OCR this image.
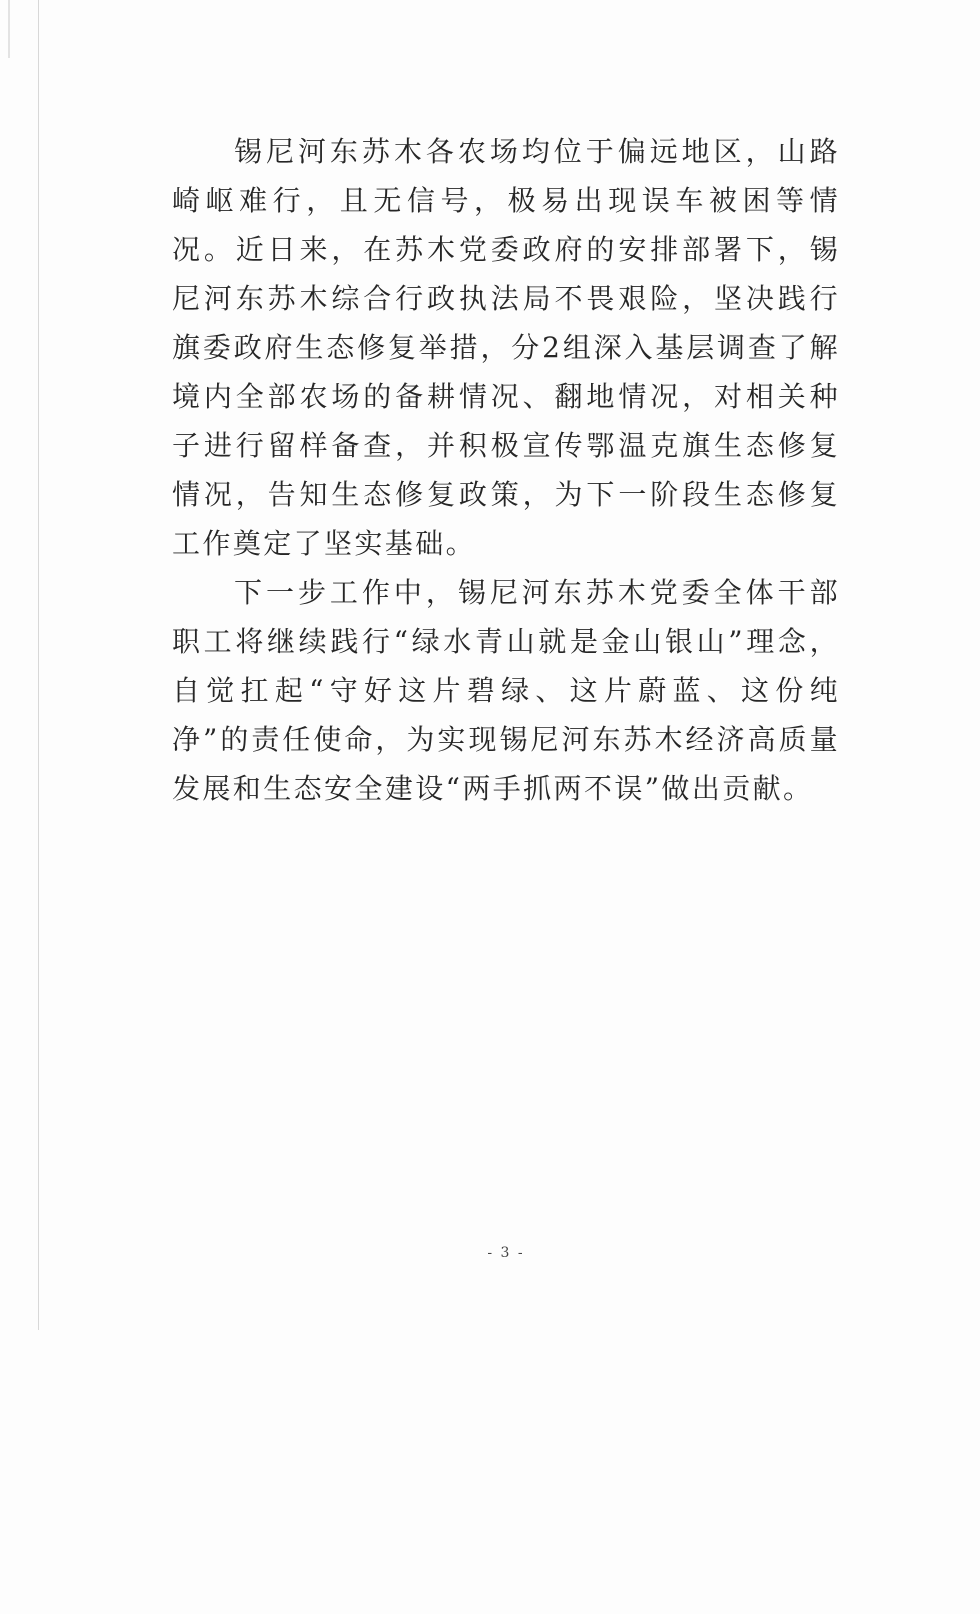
锡尼河东苏木各农场均位于偏远地区，山路崎岖难行，且无信号，极易出现误车被困等情况。近日来，在苏木党委政府的安排部署下，锡尼河东苏木综合行政执法局不畏艰险，坚决践行旗委政府生态修复举措，分2组深入基层调查了解境内全部农场的备耕情况、翻地情况，对相关种子进行留样备查，并积极宣传鄂温克旗生态修复情况，告知生态修复政策，为下一阶段生态修复工作奠定了坚实基础。

下一步工作中，锡尼河东苏木党委全体干部职工将继续践行“绿水青山就是金山银山”理念，自觉扛起“守好这片碧绿、这片蔚蓝、这份纯净”的责任使命，为实现锡尼河东苏木经济高质量发展和生态安全建设“两手抓两不误”做出贡献。

- 3 -
